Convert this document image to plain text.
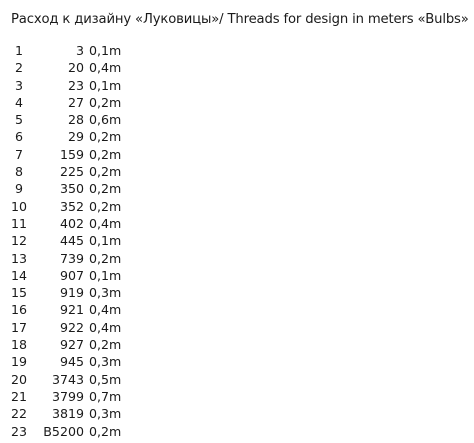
Расход к дизайну «Луковицы»/ Threads for design in meters «Bulbs»
1	3 0,1m
2	20 0,4m
3	23 0,1m
4	27 0,2m
5	28 0,6m
6	29 0,2m
7	159 0,2m
8	225 0,2m
9	350 0,2m
10	352 0,2m
11	402 0,4m
12	445 0,1m
13	739 0,2m
14	907 0,1m
15	919 0,3m
16	921 0,4m
17	922 0,4m
18	927 0,2m
19	945 0,3m
20	3743 0,5m
21	3799 0,7m
22	3819 0,3m
23	B5200 0,2m
